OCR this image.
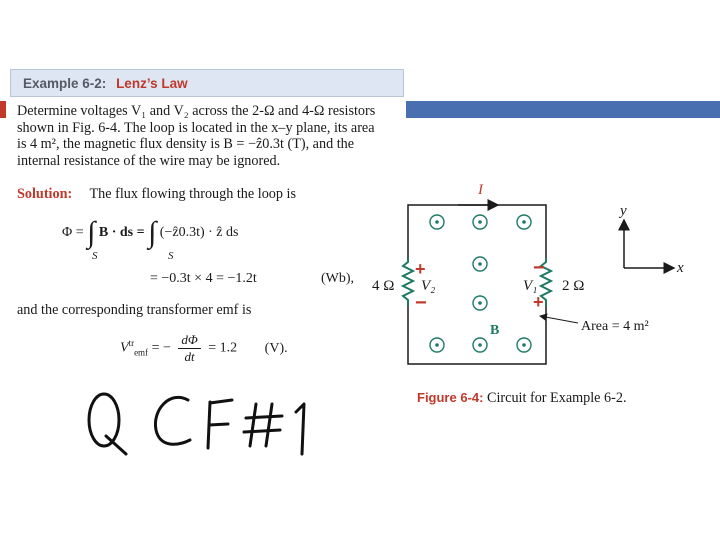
Example 6-2: Lenz’s Law
Determine voltages V₁ and V₂ across the 2-Ω and 4-Ω resistors
shown in Fig. 6-4. The loop is located in the x–y plane, its area
is 4 m², the magnetic flux density is B = −ẑ0.3t (T), and the
internal resistance of the wire may be ignored.
Solution: The flux flowing through the loop is
Φ = ∫ B · ds = ∫ (−ẑ0.3t) · ẑ ds
S	S
= −0.3t × 4 = −1.2t	(Wb),
and the corresponding transformer emf is
$V^{tr}_{emf}$ = − $\frac{d\Phi}{dt} = 1.2$ (V).
I
B
4 Ω V₂	V₁ 2 Ω
Area = 4 m²
y
x
+
−
−
+
Figure 6-4: Circuit for Example 6-2.
